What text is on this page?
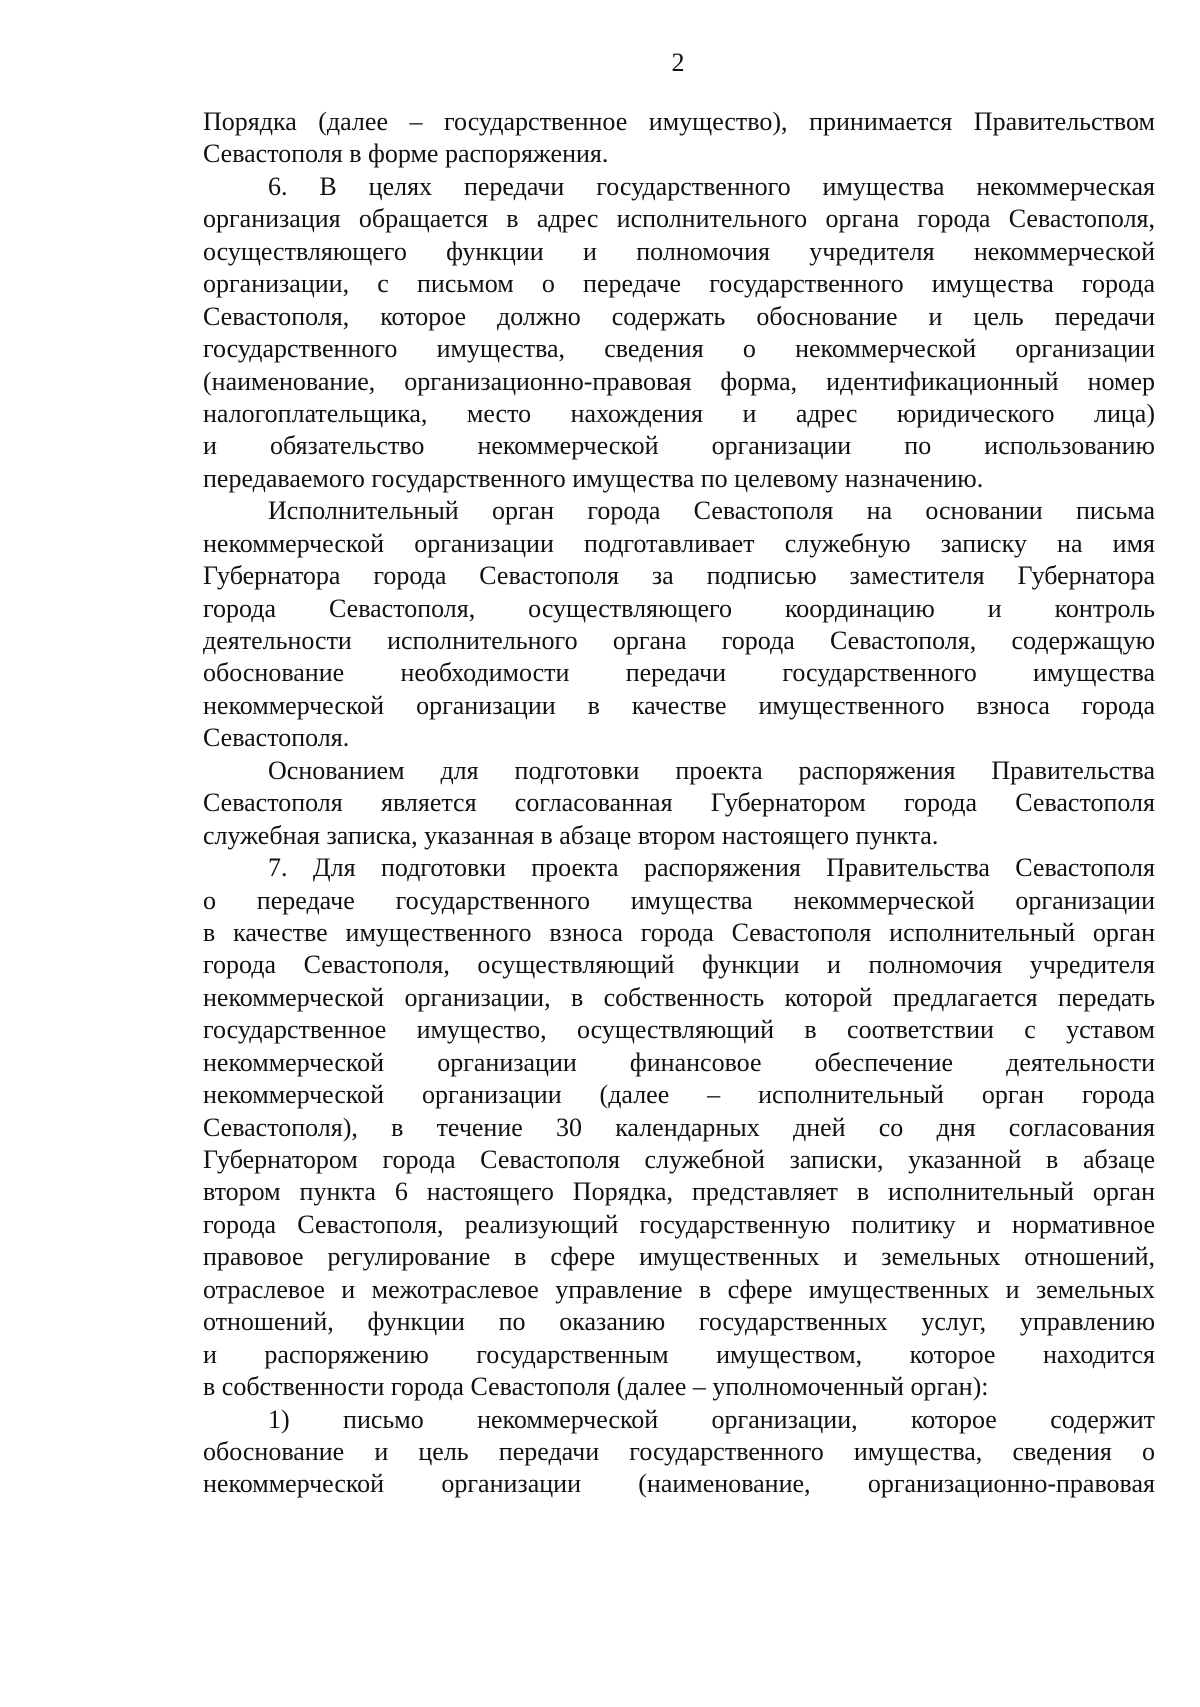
2
Порядка (далее – государственное имущество), принимается Правительством
Севастополя в форме распоряжения.
6. В целях передачи государственного имущества некоммерческая
организация обращается в адрес исполнительного органа города Севастополя,
осуществляющего функции и полномочия учредителя некоммерческой
организации, с письмом о передаче государственного имущества города
Севастополя, которое должно содержать обоснование и цель передачи
государственного имущества, сведения о некоммерческой организации
(наименование, организационно-правовая форма, идентификационный номер
налогоплательщика, место нахождения и адрес юридического лица)
и обязательство некоммерческой организации по использованию
передаваемого государственного имущества по целевому назначению.
Исполнительный орган города Севастополя на основании письма
некоммерческой организации подготавливает служебную записку на имя
Губернатора города Севастополя за подписью заместителя Губернатора
города Севастополя, осуществляющего координацию и контроль
деятельности исполнительного органа города Севастополя, содержащую
обоснование необходимости передачи государственного имущества
некоммерческой организации в качестве имущественного взноса города
Севастополя.
Основанием для подготовки проекта распоряжения Правительства
Севастополя является согласованная Губернатором города Севастополя
служебная записка, указанная в абзаце втором настоящего пункта.
7. Для подготовки проекта распоряжения Правительства Севастополя
о передаче государственного имущества некоммерческой организации
в качестве имущественного взноса города Севастополя исполнительный орган
города Севастополя, осуществляющий функции и полномочия учредителя
некоммерческой организации, в собственность которой предлагается передать
государственное имущество, осуществляющий в соответствии с уставом
некоммерческой организации финансовое обеспечение деятельности
некоммерческой организации (далее – исполнительный орган города
Севастополя), в течение 30 календарных дней со дня согласования
Губернатором города Севастополя служебной записки, указанной в абзаце
втором пункта 6 настоящего Порядка, представляет в исполнительный орган
города Севастополя, реализующий государственную политику и нормативное
правовое регулирование в сфере имущественных и земельных отношений,
отраслевое и межотраслевое управление в сфере имущественных и земельных
отношений, функции по оказанию государственных услуг, управлению
и распоряжению государственным имуществом, которое находится
в собственности города Севастополя (далее – уполномоченный орган):
1) письмо некоммерческой организации, которое содержит
обоснование и цель передачи государственного имущества, сведения о
некоммерческой организации (наименование, организационно-правовая
